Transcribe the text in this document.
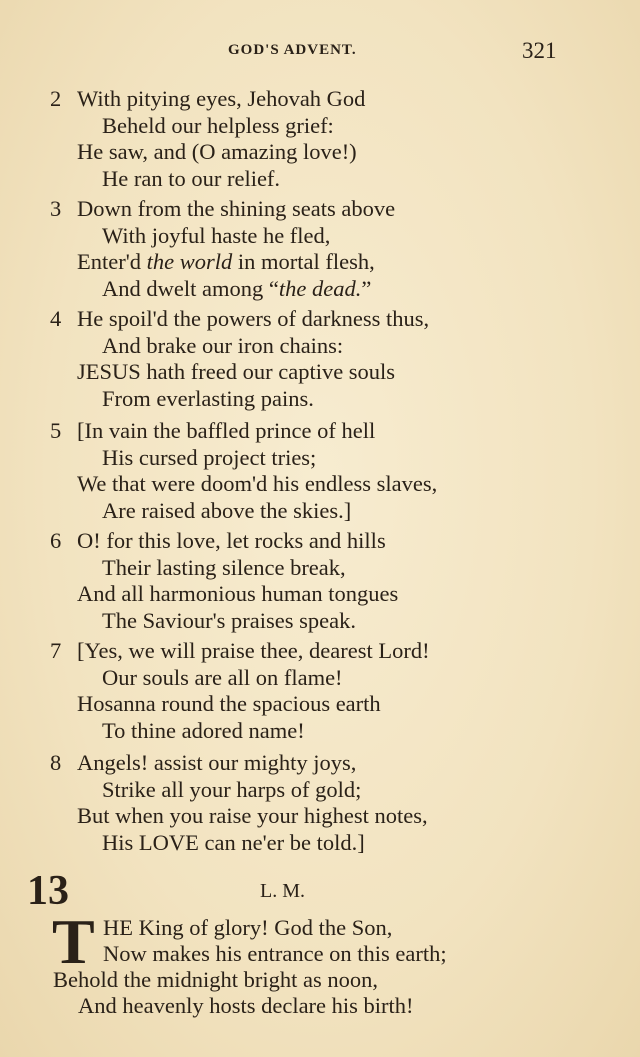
GOD'S ADVENT.	321
2 With pitying eyes, Jehovah God
Beheld our helpless grief:
He saw, and (O amazing love!)
He ran to our relief.
3 Down from the shining seats above
With joyful haste he fled,
Enter'd the world in mortal flesh,
And dwelt among “the dead.”
4 He spoil'd the powers of darkness thus,
And brake our iron chains:
JESUS hath freed our captive souls
From everlasting pains.
5 [In vain the baffled prince of hell
His cursed project tries;
We that were doom'd his endless slaves,
Are raised above the skies.]
6 O! for this love, let rocks and hills
Their lasting silence break,
And all harmonious human tongues
The Saviour's praises speak.
7 [Yes, we will praise thee, dearest Lord!
Our souls are all on flame!
Hosanna round the spacious earth
To thine adored name!
8 Angels! assist our mighty joys,
Strike all your harps of gold;
But when you raise your highest notes,
His LOVE can ne'er be told.]
13	L. M.
T HE King of glory! God the Son,
Now makes his entrance on this earth;
Behold the midnight bright as noon,
And heavenly hosts declare his birth!
